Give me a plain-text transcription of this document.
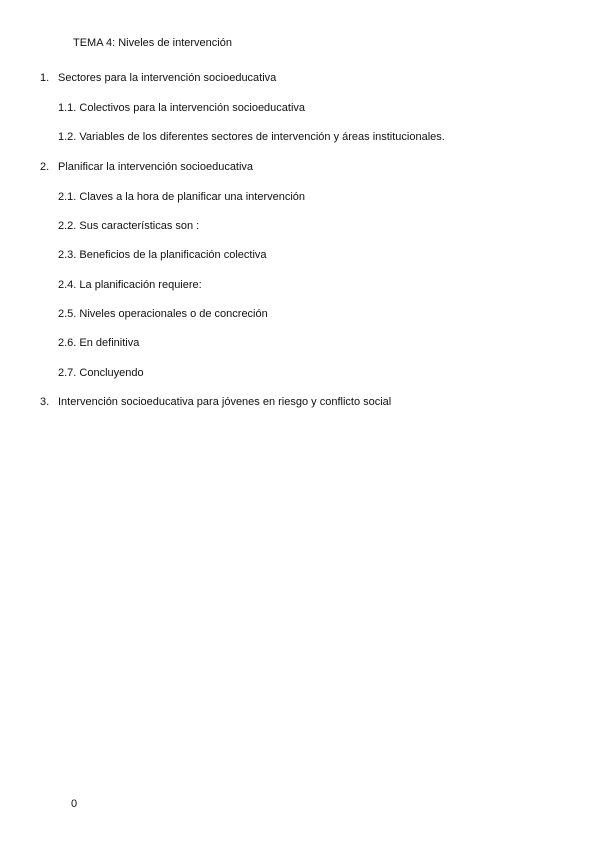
TEMA 4: Niveles de intervención
1. Sectores para la intervención socioeducativa
1.1. Colectivos para la intervención socioeducativa
1.2. Variables de los diferentes sectores de intervención y áreas institucionales.
2. Planificar la intervención socioeducativa
2.1. Claves a la hora de planificar una intervención
2.2. Sus características son :
2.3. Beneficios de la planificación colectiva
2.4. La planificación requiere:
2.5. Niveles operacionales o de concreción
2.6. En definitiva
2.7. Concluyendo
3. Intervención socioeducativa para jóvenes en riesgo y conflicto social
0
